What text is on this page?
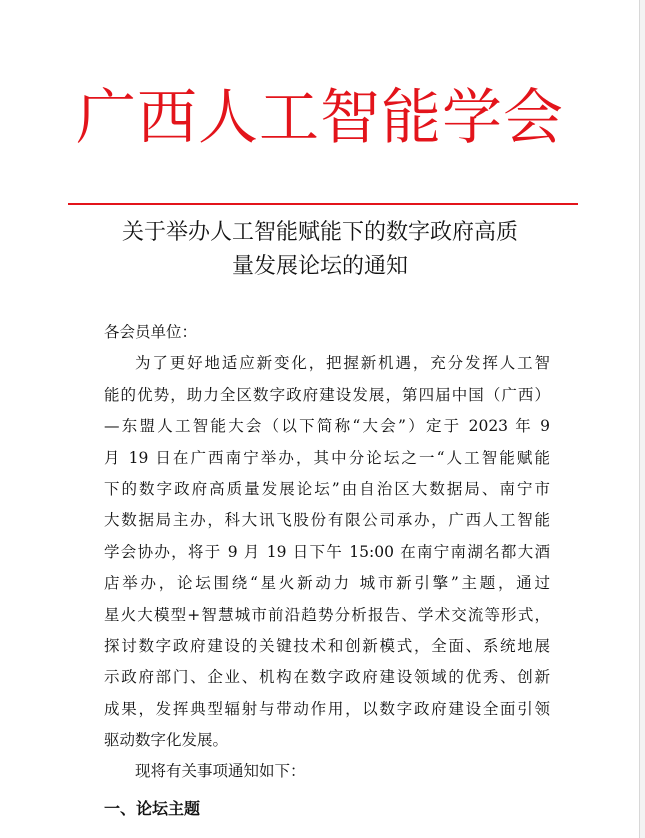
广西人工智能学会
关于举办人工智能赋能下的数字政府高质
量发展论坛的通知
各会员单位：
为了更好地适应新变化，把握新机遇，充分发挥人工智
能的优势，助力全区数字政府建设发展，第四届中国（广西）
—东盟人工智能大会（以下简称“大会”）定于 2023 年 9
月 19 日在广西南宁举办，其中分论坛之一“人工智能赋能
下的数字政府高质量发展论坛”由自治区大数据局、南宁市
大数据局主办，科大讯飞股份有限公司承办，广西人工智能
学会协办，将于 9 月 19 日下午 15:00 在南宁南湖名都大酒
店举办，论坛围绕“星火新动力 城市新引擎”主题，通过
星火大模型+智慧城市前沿趋势分析报告、学术交流等形式，
探讨数字政府建设的关键技术和创新模式，全面、系统地展
示政府部门、企业、机构在数字政府建设领域的优秀、创新
成果，发挥典型辐射与带动作用，以数字政府建设全面引领
驱动数字化发展。
现将有关事项通知如下：
一、论坛主题
